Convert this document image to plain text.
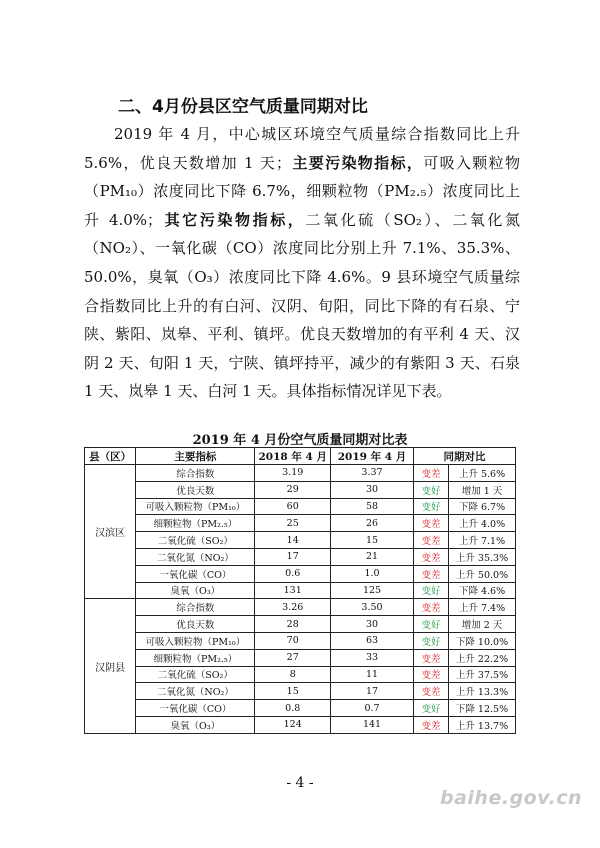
二、4月份县区空气质量同期对比

2019 年 4 月，中心城区环境空气质量综合指数同比上升 5.6%，优良天数增加 1 天；主要污染物指标，可吸入颗粒物（PM₁₀）浓度同比下降 6.7%，细颗粒物（PM₂.₅）浓度同比上升 4.0%；其它污染物指标，二氧化硫（SO₂）、二氧化氮（NO₂）、一氧化碳（CO）浓度同比分别上升 7.1%、35.3%、50.0%，臭氧（O₃）浓度同比下降 4.6%。9 县环境空气质量综合指数同比上升的有白河、汉阴、旬阳，同比下降的有石泉、宁陕、紫阳、岚皋、平利、镇坪。优良天数增加的有平利 4 天、汉阴 2 天、旬阳 1 天，宁陕、镇坪持平，减少的有紫阳 3 天、石泉 1 天、岚皋 1 天、白河 1 天。具体指标情况详见下表。

2019 年 4 月份空气质量同期对比表
县（区）	主要指标	2018 年 4 月	2019 年 4 月	同期对比	
汉滨区	综合指数	3.19	3.37	变差	上升 5.6%
	优良天数	29	30	变好	增加 1 天
	可吸入颗粒物（PM₁₀）	60	58	变好	下降 6.7%
	细颗粒物（PM₂.₅）	25	26	变差	上升 4.0%
	二氧化硫（SO₂）	14	15	变差	上升 7.1%
	二氧化氮（NO₂）	17	21	变差	上升 35.3%
	一氧化碳（CO）	0.6	1.0	变差	上升 50.0%
	臭氧（O₃）	131	125	变好	下降 4.6%
汉阴县	综合指数	3.26	3.50	变差	上升 7.4%
	优良天数	28	30	变好	增加 2 天
	可吸入颗粒物（PM₁₀）	70	63	变好	下降 10.0%
	细颗粒物（PM₂.₅）	27	33	变差	上升 22.2%
	二氧化硫（SO₂）	8	11	变差	上升 37.5%
	二氧化氮（NO₂）	15	17	变差	上升 13.3%
	一氧化碳（CO）	0.8	0.7	变好	下降 12.5%
	臭氧（O₃）	124	141	变差	上升 13.7%
- 4 -
baihe.gov.cn
